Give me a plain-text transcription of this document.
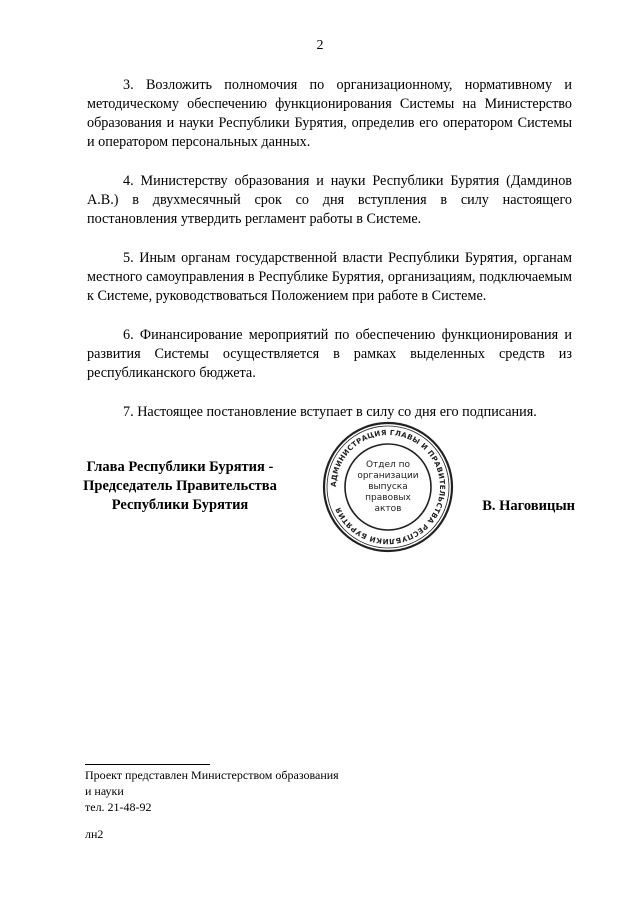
2

3. Возложить полномочия по организационному, нормативному и методическому обеспечению функционирования Системы на Министерство образования и науки Республики Бурятия, определив его оператором Системы и оператором персональных данных.

4. Министерству образования и науки Республики Бурятия (Дамдинов А.В.) в двухмесячный срок со дня вступления в силу настоящего постановления утвердить регламент работы в Системе.

5. Иным органам государственной власти Республики Бурятия, органам местного самоуправления в Республике Бурятия, организациям, подключаемым к Системе, руководствоваться Положением при работе в Системе.

6. Финансирование мероприятий по обеспечению функционирования и развития Системы осуществляется в рамках выделенных средств из республиканского бюджета.

7. Настоящее постановление вступает в силу со дня его подписания.

Глава Республики Бурятия -
Председатель Правительства
Республики Бурятия	В. Наговицын
АДМИНИСТРАЦИЯ ГЛАВЫ И ПРАВИТЕЛЬСТВА РЕСПУБЛИКИ БУРЯТИЯ
Отдел по
организации
выпуска
правовых
актов
Проект представлен Министерством образования
и науки
тел. 21-48-92
лн2
